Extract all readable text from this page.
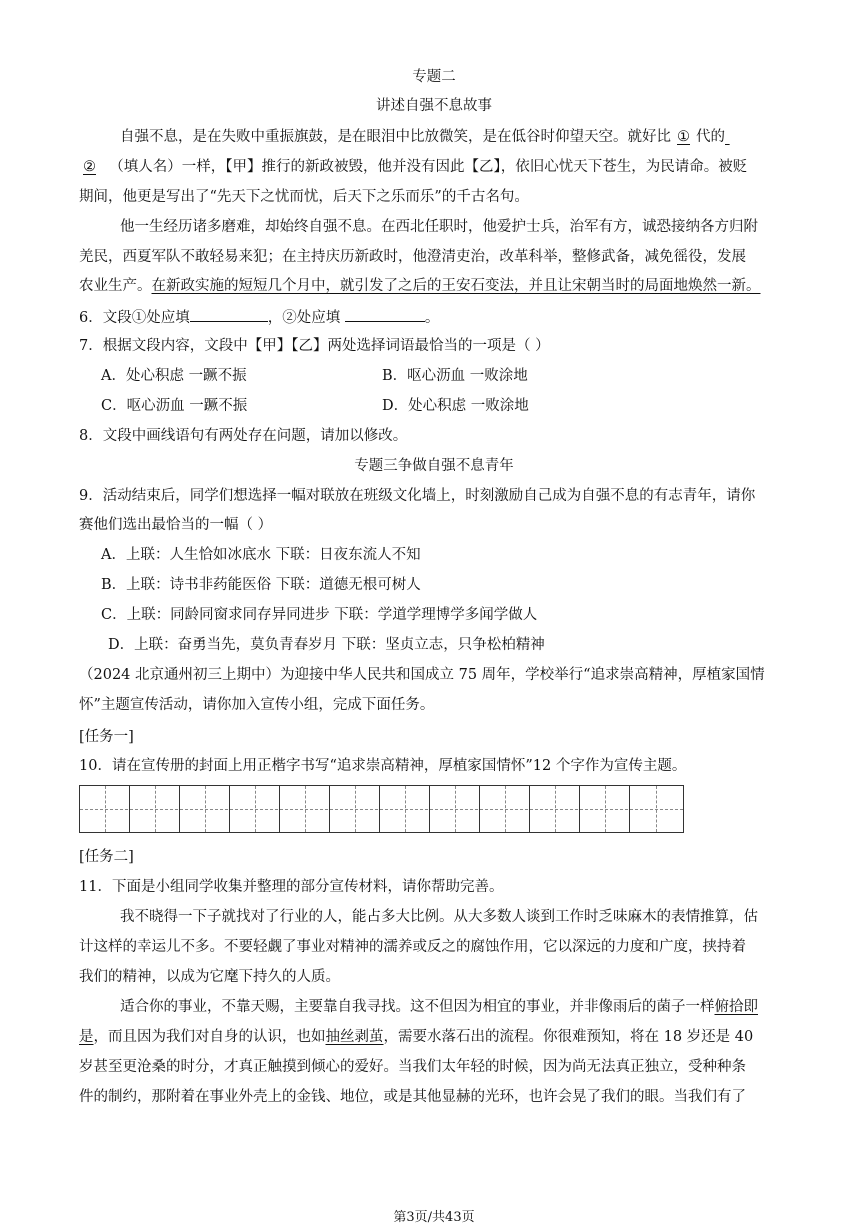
专题二
讲述自强不息故事
自强不息，是在失败中重振旗鼓，是在眼泪中比放微笑，是在低谷时仰望天空。就好比 ① 代的
② （填人名）一样，【甲】推行的新政被毁，他并没有因此【乙】，依旧心忧天下苍生，为民请命。被贬
期间，他更是写出了“先天下之忧而忧，后天下之乐而乐”的千古名句。
他一生经历诸多磨难，却始终自强不息。在西北任职时，他爱护士兵，治军有方，诚恐接纳各方归附
羌民，西夏军队不敢轻易来犯；在主持庆历新政时，他澄清吏治，改革科举，整修武备，减免徭役，发展
农业生产。在新政实施的短短几个月中，就引发了之后的王安石变法，并且让宋朝当时的局面地焕然一新。
6．文段①处应填	，②处应填	。
7．根据文段内容，文段中【甲】【乙】两处选择词语最恰当的一项是（ ）
A．处心积虑 一蹶不振	B．呕心沥血 一败涂地
C．呕心沥血 一蹶不振	D．处心积虑 一败涂地
8．文段中画线语句有两处存在问题，请加以修改。
专题三争做自强不息青年
9．活动结束后，同学们想选择一幅对联放在班级文化墙上，时刻激励自己成为自强不息的有志青年，请你
赛他们选出最恰当的一幅（ ）
A．上联：人生恰如冰底水 下联：日夜东流人不知
B．上联：诗书非药能医俗 下联：道德无根可树人
C．上联：同龄同窗求同存异同进步 下联：学道学理博学多闻学做人
D．上联：奋勇当先，莫负青春岁月 下联：坚贞立志，只争松柏精神
（2024 北京通州初三上期中）为迎接中华人民共和国成立 75 周年，学校举行“追求崇高精神，厚植家国情
怀”主题宣传活动，请你加入宣传小组，完成下面任务。
[任务一]
10．请在宣传册的封面上用正楷字书写“追求崇高精神，厚植家国情怀”12 个字作为宣传主题。
[任务二]
11．下面是小组同学收集并整理的部分宣传材料，请你帮助完善。
我不晓得一下子就找对了行业的人，能占多大比例。从大多数人谈到工作时乏味麻木的表情推算，估
计这样的幸运儿不多。不要轻觑了事业对精神的濡养或反之的腐蚀作用，它以深远的力度和广度，挟持着
我们的精神，以成为它麾下持久的人质。
适合你的事业，不靠天赐，主要靠自我寻找。这不但因为相宜的事业，并非像雨后的菌子一样俯拾即
是，而且因为我们对自身的认识，也如抽丝剥茧，需要水落石出的流程。你很难预知，将在 18 岁还是 40
岁甚至更沧桑的时分，才真正触摸到倾心的爱好。当我们太年轻的时候，因为尚无法真正独立，受种种条
件的制约，那附着在事业外壳上的金钱、地位，或是其他显赫的光环，也许会晃了我们的眼。当我们有了
第3页/共43页
